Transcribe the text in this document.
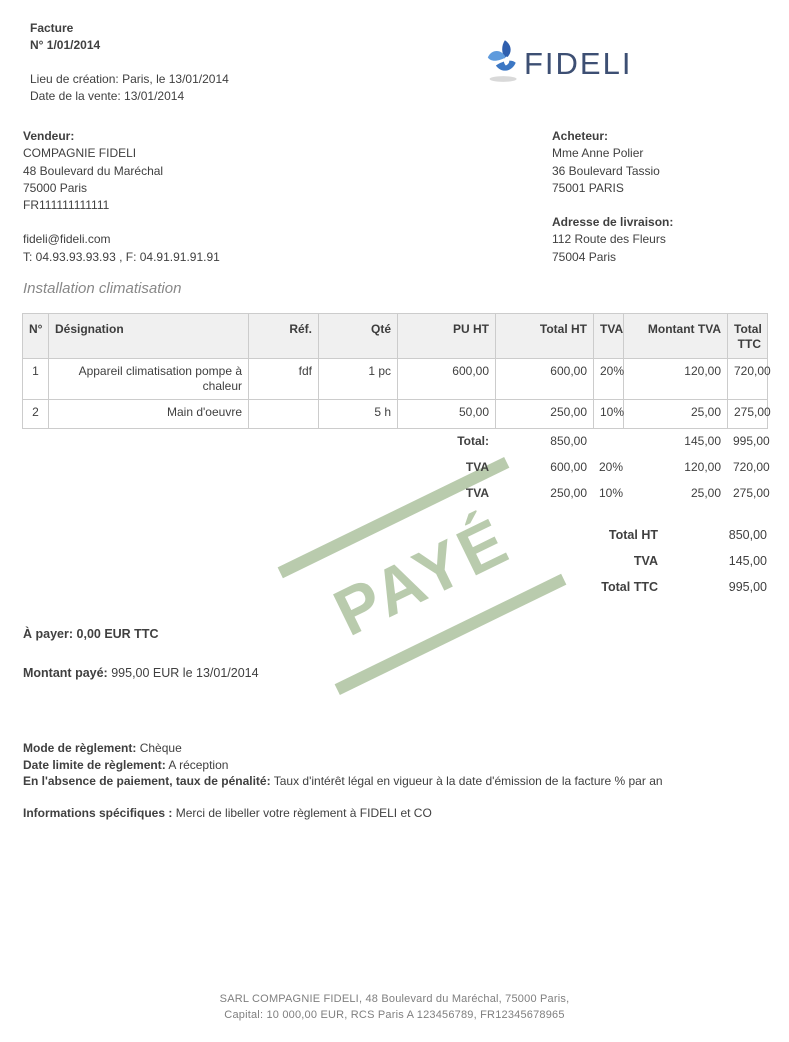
Facture
N° 1/01/2014
FIDELI
Lieu de création: Paris, le 13/01/2014
Date de la vente: 13/01/2014
Vendeur:
COMPAGNIE FIDELI
48 Boulevard du Maréchal
75000 Paris
FR111111111111
fideli@fideli.com
T: 04.93.93.93.93 , F: 04.91.91.91.91
Acheteur:
Mme Anne Polier
36 Boulevard Tassio
75001 PARIS
Adresse de livraison:
112 Route des Fleurs
75004 Paris
Installation climatisation
N°	Désignation	Réf.	Qté	PU HT	Total HT	TVA	Montant TVA	Total TTC
1	Appareil climatisation pompe à chaleur	fdf	1 pc	600,00	600,00	20%	120,00	720,00
2	Main d'oeuvre		5 h	50,00	250,00	10%	25,00	275,00
				Total:	850,00		145,00	995,00
				TVA	600,00	20%	120,00	720,00
				TVA	250,00	10%	25,00	275,00
PAYÉ	Total HT	850,00
TVA	145,00
Total TTC	995,00
À payer: 0,00 EUR TTC
Montant payé: 995,00 EUR le 13/01/2014
Mode de règlement: Chèque
Date limite de règlement: A réception
En l'absence de paiement, taux de pénalité: Taux d'intérêt légal en vigueur à la date d'émission de la facture % par an
Informations spécifiques : Merci de libeller votre règlement à FIDELI et CO
SARL COMPAGNIE FIDELI, 48 Boulevard du Maréchal, 75000 Paris,
Capital: 10 000,00 EUR, RCS Paris A 123456789, FR12345678965
